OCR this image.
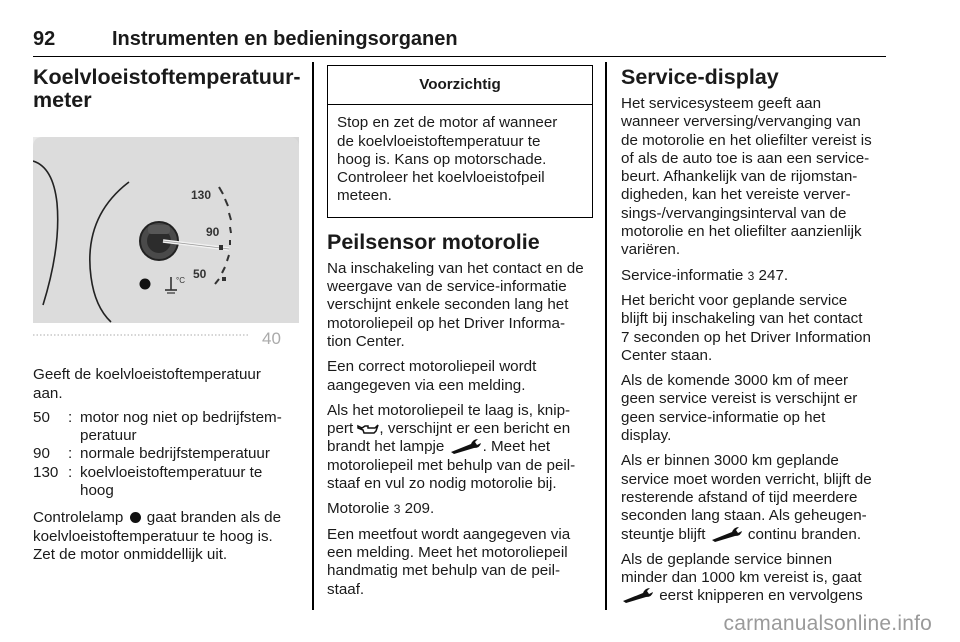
92	Instrumenten en bedieningsorganen
Koelvloeistoftemperatuur-
meter
130
90
50
°C
40

Geeft de koelvloeistoftemperatuur
aan.

50	: motor nog niet op bedrijfstem-
peratuur
90	: normale bedrijfstemperatuur
130 : koelvloeistoftemperatuur te
hoog

Controlelamp gaat branden als de
koelvloeistoftemperatuur te hoog is.
Zet de motor onmiddellijk uit.

Voorzichtig
Stop en zet de motor af wanneer
de koelvloeistoftemperatuur te
hoog is. Kans op motorschade.
Controleer het koelvloeistofpeil
meteen.
Peilsensor motorolie

Na inschakeling van het contact en de
weergave van de service-informatie
verschijnt enkele seconden lang het
motoroliepeil op het Driver Informa-
tion Center.

Een correct motoroliepeil wordt
aangegeven via een melding.

Als het motoroliepeil te laag is, knip-
pert , verschijnt er een bericht en
brandt het lampje	. Meet het
motoroliepeil met behulp van de peil-
staaf en vul zo nodig motorolie bij.

Motorolie 3 209.

Een meetfout wordt aangegeven via
een melding. Meet het motoroliepeil
handmatig met behulp van de peil-
staaf.

Service-display

Het servicesysteem geeft aan
wanneer verversing/vervanging van
de motorolie en het oliefilter vereist is
of als de auto toe is aan een service-
beurt. Afhankelijk van de rijomstan-
digheden, kan het vereiste verver-
sings-/vervangingsinterval van de
motorolie en het oliefilter aanzienlijk
variëren.

Service-informatie 3 247.

Het bericht voor geplande service
blijft bij inschakeling van het contact
7 seconden op het Driver Information
Center staan.

Als de komende 3000 km of meer
geen service vereist is verschijnt er
geen service-informatie op het
display.

Als er binnen 3000 km geplande
service moet worden verricht, blijft de
resterende afstand of tijd meerdere
seconden lang staan. Als geheugen-
steuntje blijft	continu branden.

Als de geplande service binnen
minder dan 1000 km vereist is, gaat
eerst knipperen en vervolgens

carmanualsonline.info
